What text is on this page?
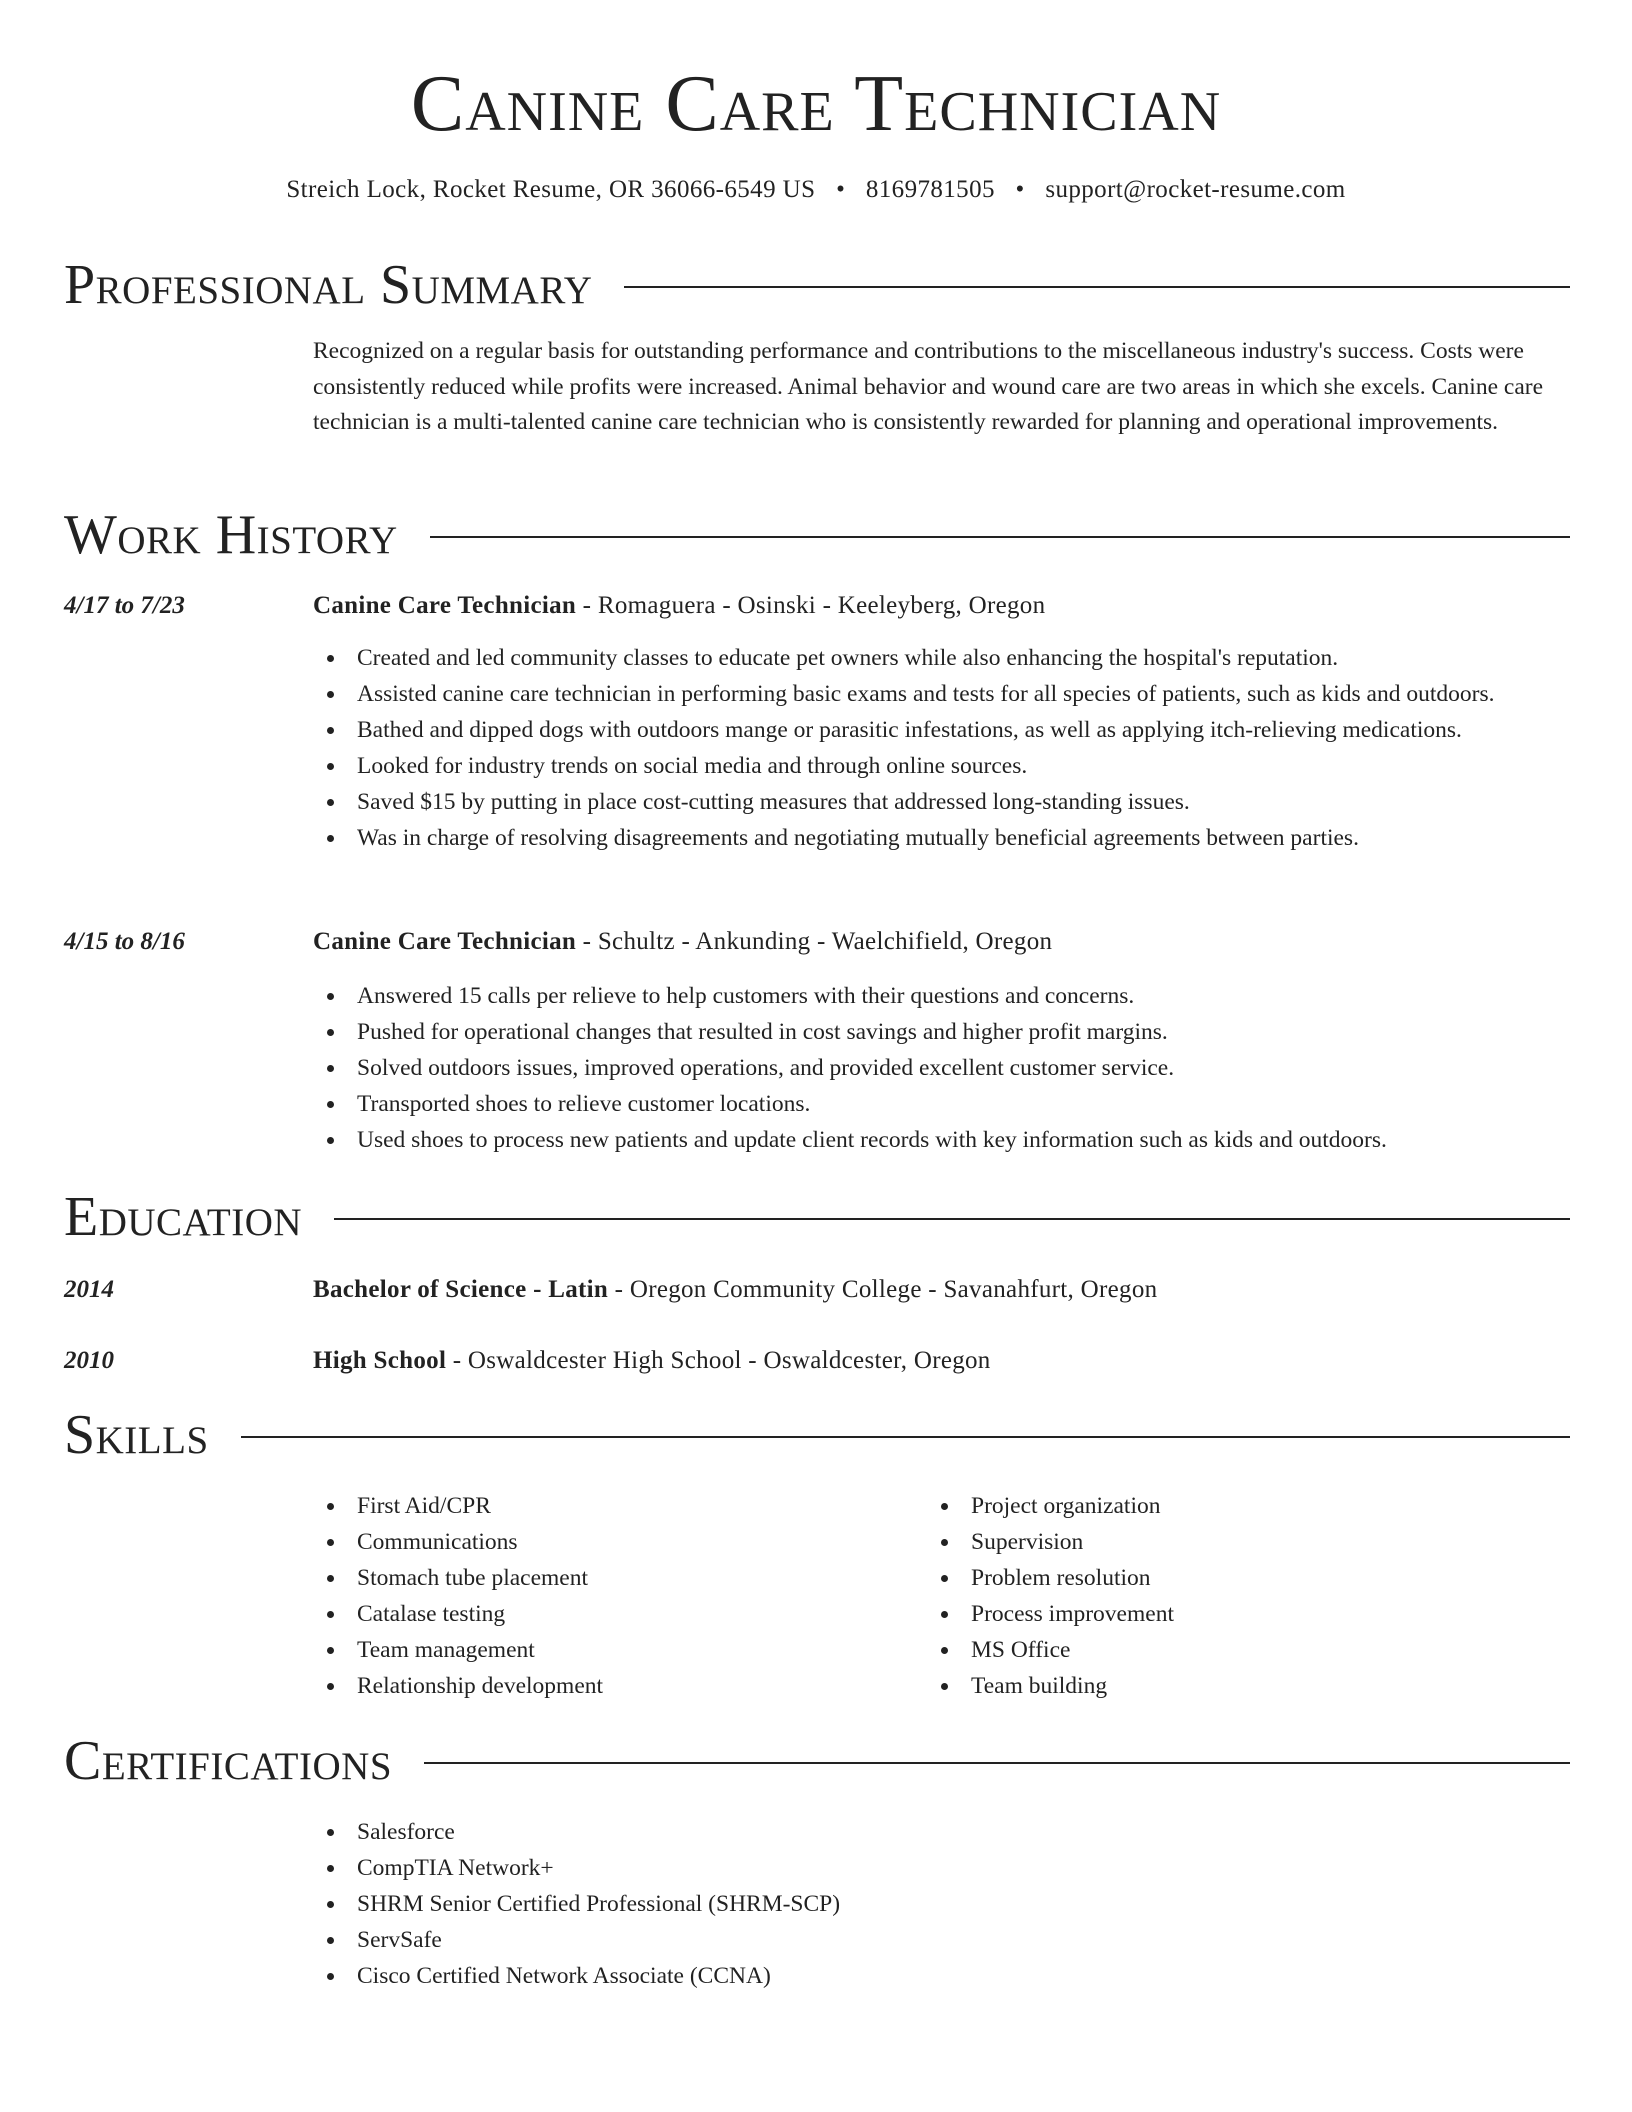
Canine Care Technician
Streich Lock, Rocket Resume, OR 36066-6549 US • 8169781505 • support@rocket-resume.com
Professional Summary
Recognized on a regular basis for outstanding performance and contributions to the miscellaneous industry's success. Costs were consistently reduced while profits were increased. Animal behavior and wound care are two areas in which she excels. Canine care technician is a multi-talented canine care technician who is consistently rewarded for planning and operational improvements.
Work History
4/17 to 7/23	Canine Care Technician - Romaguera - Osinski - Keeleyberg, Oregon
Created and led community classes to educate pet owners while also enhancing the hospital's reputation.
Assisted canine care technician in performing basic exams and tests for all species of patients, such as kids and outdoors.
Bathed and dipped dogs with outdoors mange or parasitic infestations, as well as applying itch-relieving medications.
Looked for industry trends on social media and through online sources.
Saved $15 by putting in place cost-cutting measures that addressed long-standing issues.
Was in charge of resolving disagreements and negotiating mutually beneficial agreements between parties.
4/15 to 8/16	Canine Care Technician - Schultz - Ankunding - Waelchifield, Oregon
Answered 15 calls per relieve to help customers with their questions and concerns.
Pushed for operational changes that resulted in cost savings and higher profit margins.
Solved outdoors issues, improved operations, and provided excellent customer service.
Transported shoes to relieve customer locations.
Used shoes to process new patients and update client records with key information such as kids and outdoors.
Education
2014	Bachelor of Science - Latin - Oregon Community College - Savanahfurt, Oregon
2010	High School - Oswaldcester High School - Oswaldcester, Oregon
Skills
First Aid/CPR
Communications
Stomach tube placement
Catalase testing
Team management
Relationship development
Project organization
Supervision
Problem resolution
Process improvement
MS Office
Team building
Certifications
Salesforce
CompTIA Network+
SHRM Senior Certified Professional (SHRM-SCP)
ServSafe
Cisco Certified Network Associate (CCNA)
